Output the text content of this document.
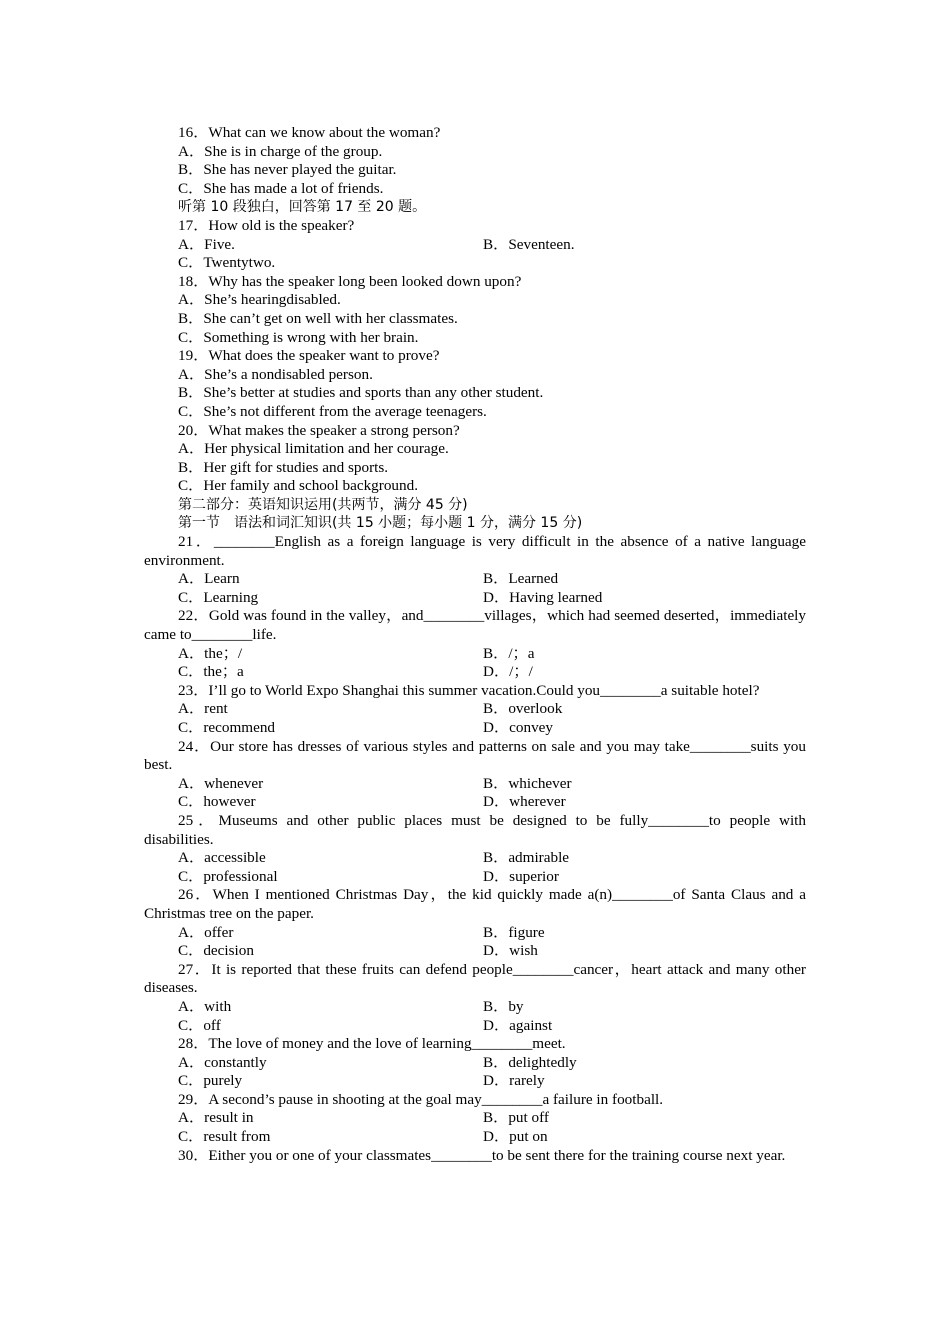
16．What can we know about the woman?
A．She is in charge of the group.
B．She has never played the guitar.
C．She has made a lot of friends.
听第 10 段独白，回答第 17 至 20 题。
17．How old is the speaker?
A．Five.	B．Seventeen.
C．Twentytwo.
18．Why has the speaker long been looked down upon?
A．She’s hearingdisabled.
B．She can’t get on well with her classmates.
C．Something is wrong with her brain.
19．What does the speaker want to prove?
A．She’s a nondisabled person.
B．She’s better at studies and sports than any other student.
C．She’s not different from the average teenagers.
20．What makes the speaker a strong person?
A．Her physical limitation and her courage.
B．Her gift for studies and sports.
C．Her family and school background.
第二部分：英语知识运用(共两节，满分 45 分)
第一节　语法和词汇知识(共 15 小题；每小题 1 分，满分 15 分)
21．________English as a foreign language is very difficult in the absence of a native language environment.
A．Learn	B．Learned
C．Learning	D．Having learned
22．Gold was found in the valley，and________villages，which had seemed deserted，immediately came to________life.
A．the；/	B．/；a
C．the；a	D．/；/
23．I’ll go to World Expo Shanghai this summer vacation.Could you________a suitable hotel?
A．rent	B．overlook
C．recommend	D．convey
24．Our store has dresses of various styles and patterns on sale and you may take________suits you best.
A．whenever	B．whichever
C．however	D．wherever
25．Museums and other public places must be designed to be fully________to people with disabilities.
A．accessible	B．admirable
C．professional	D．superior
26．When I mentioned Christmas Day，the kid quickly made a(n)________of Santa Claus and a Christmas tree on the paper.
A．offer	B．figure
C．decision	D．wish
27．It is reported that these fruits can defend people________cancer，heart attack and many other diseases.
A．with	B．by
C．off	D．against
28．The love of money and the love of learning________meet.
A．constantly	B．delightedly
C．purely	D．rarely
29．A second’s pause in shooting at the goal may________a failure in football.
A．result in	B．put off
C．result from	D．put on
30．Either you or one of your classmates________to be sent there for the training course next year.
